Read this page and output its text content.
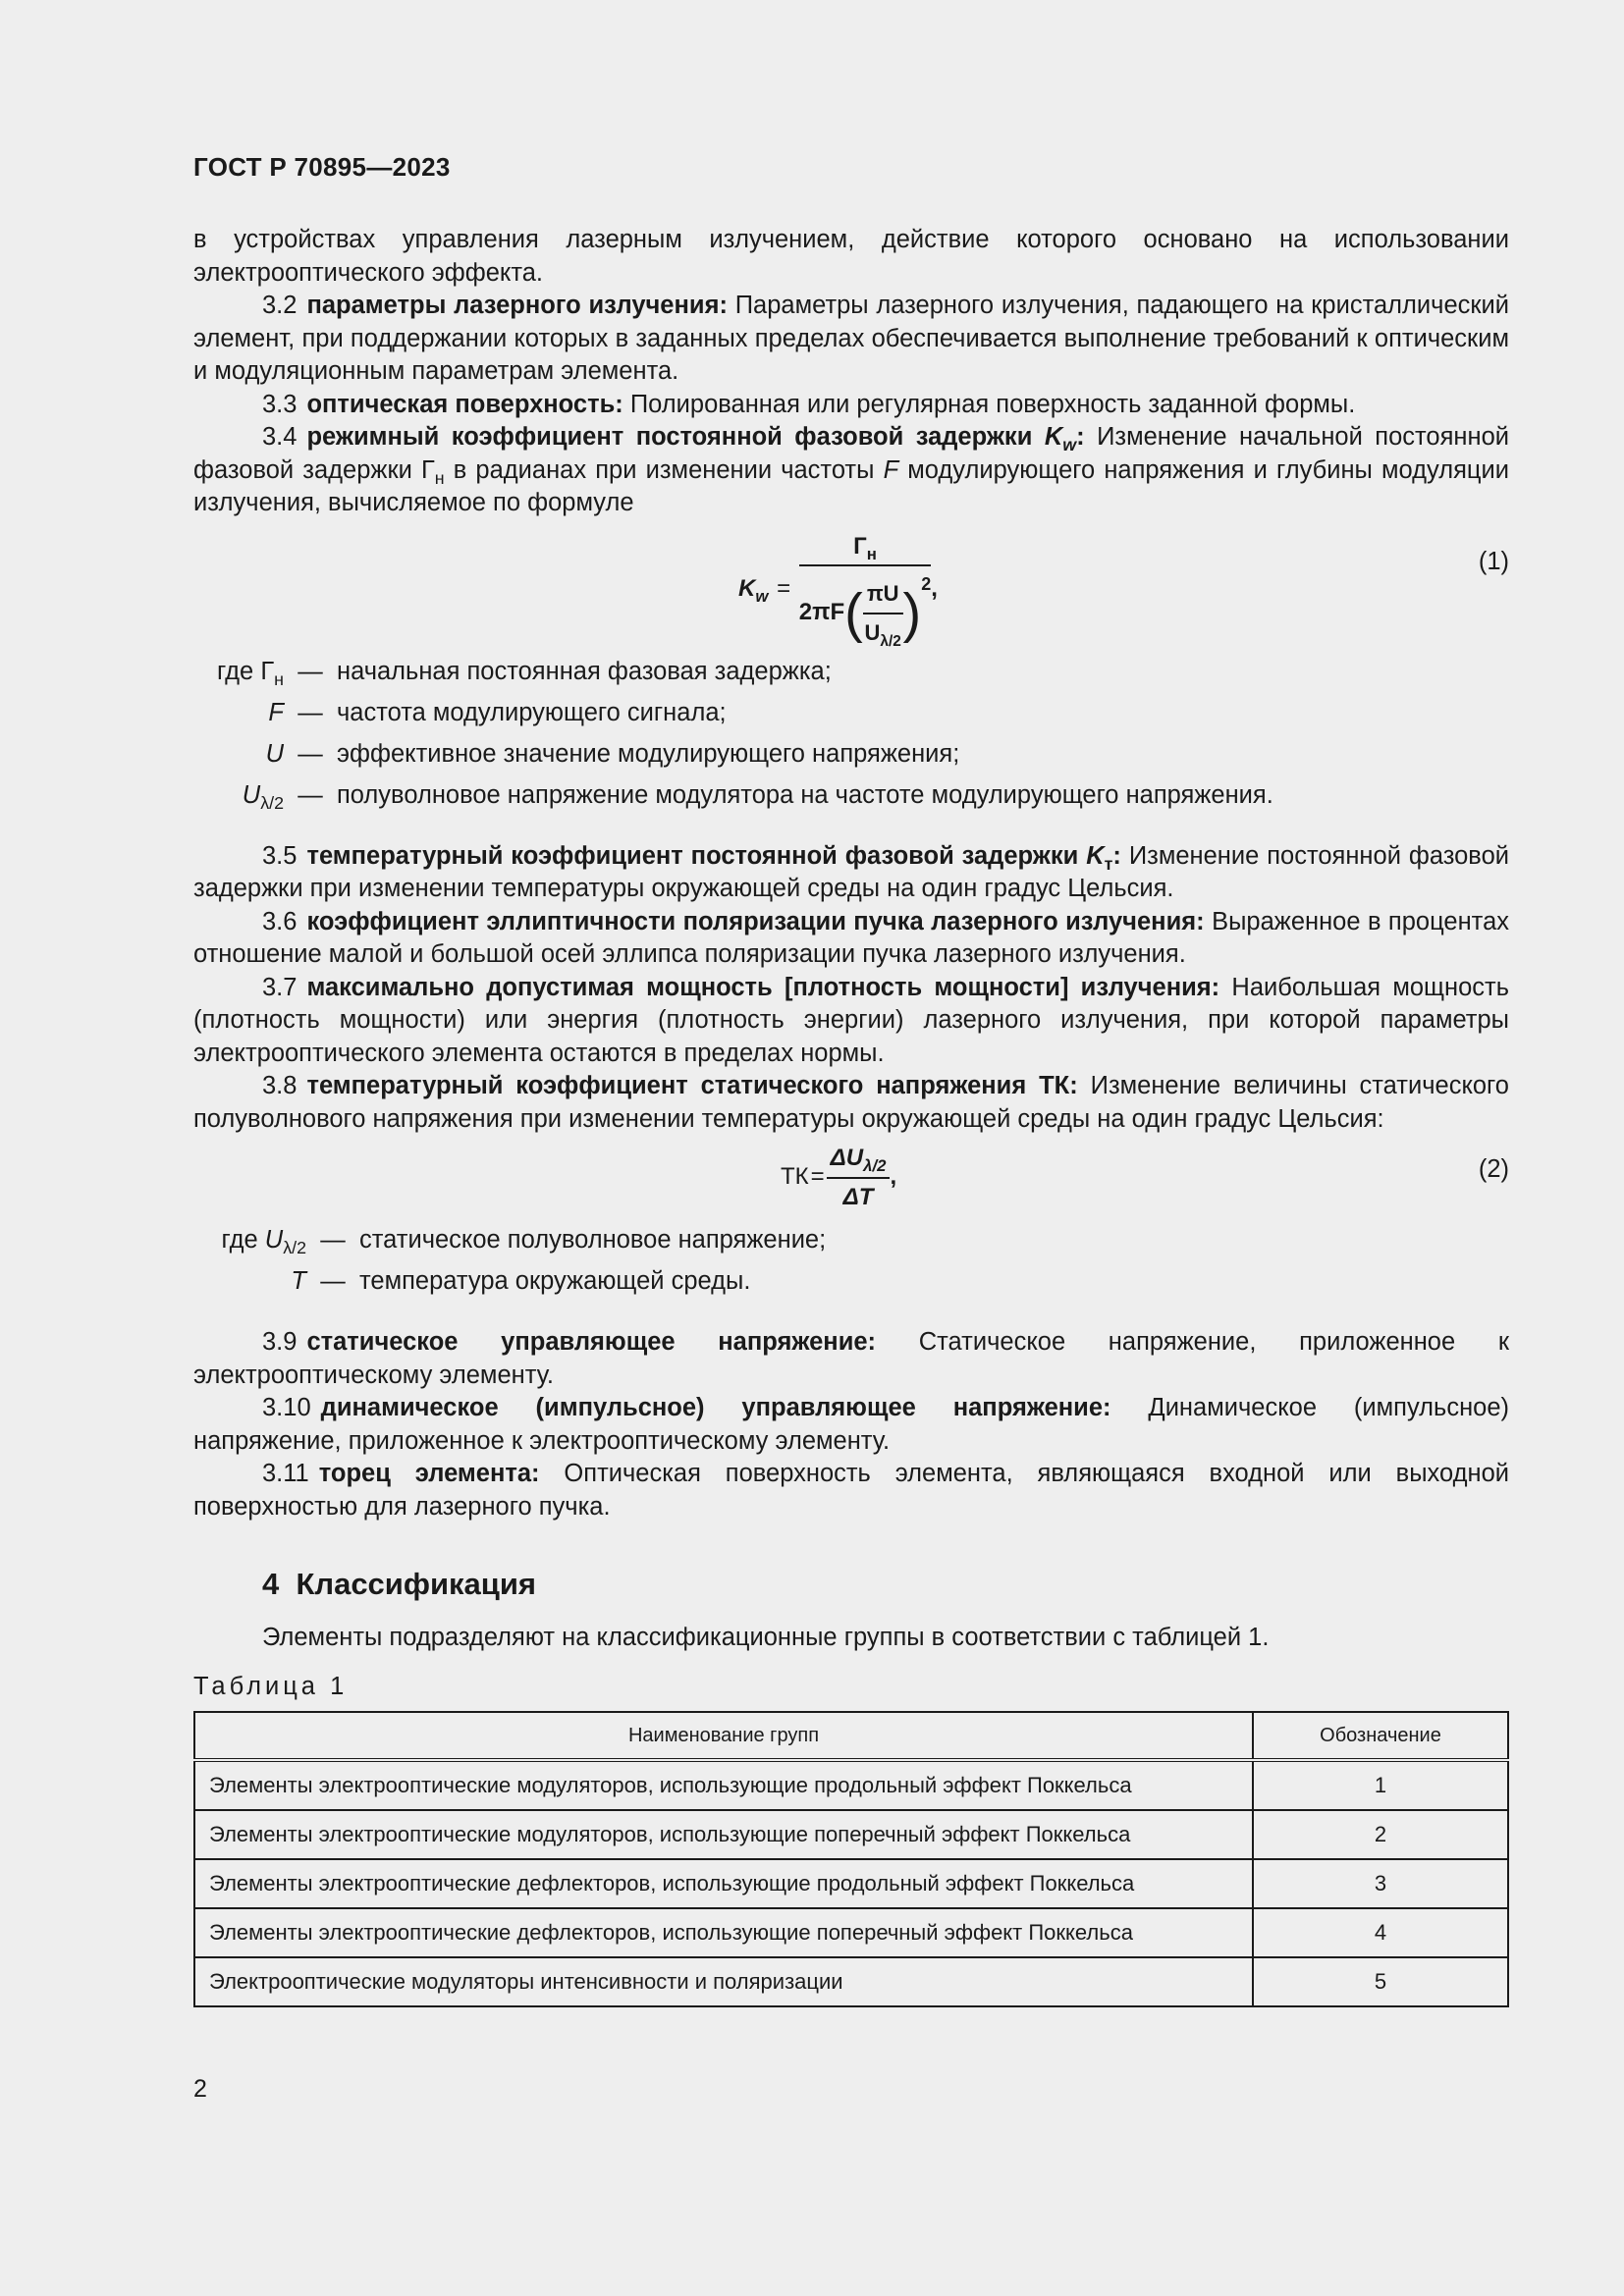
ГОСТ Р 70895—2023

в устройствах управления лазерным излучением, действие которого основано на использовании электрооптического эффекта.

3.2 параметры лазерного излучения: Параметры лазерного излучения, падающего на кристаллический элемент, при поддержании которых в заданных пределах обеспечивается выполнение требований к оптическим и модуляционным параметрам элемента.

3.3 оптическая поверхность: Полированная или регулярная поверхность заданной формы.

3.4 режимный коэффициент постоянной фазовой задержки $K_w$: Изменение начальной постоянной фазовой задержки $Г_н$ в радианах при изменении частоты F модулирующего напряжения и глубины модуляции излучения, вычисляемое по формуле

$K_w = \frac{Г_н}{2\pi F( \frac{\pi U}{U_{\lambda/2}} )^2}$ ,
(1)
где $Г_н$ — начальная постоянная фазовая задержка;
F — частота модулирующего сигнала;
U — эффективное значение модулирующего напряжения;
$U_{\lambda/2}$ — полуволновое напряжение модулятора на частоте модулирующего напряжения.

3.5 температурный коэффициент постоянной фазовой задержки $K_т$: Изменение постоянной фазовой задержки при изменении температуры окружающей среды на один градус Цельсия.

3.6 коэффициент эллиптичности поляризации пучка лазерного излучения: Выраженное в процентах отношение малой и большой осей эллипса поляризации пучка лазерного излучения.

3.7 максимально допустимая мощность [плотность мощности] излучения: Наибольшая мощность (плотность мощности) или энергия (плотность энергии) лазерного излучения, при которой параметры электрооптического элемента остаются в пределах нормы.

3.8 температурный коэффициент статического напряжения ТК: Изменение величины статического полуволнового напряжения при изменении температуры окружающей среды на один градус Цельсия:

$ТК= \frac{\Delta U_{\lambda/2}}{\Delta T}$ ,	(2)
где $U_{\lambda/2}$ — статическое полуволновое напряжение;
T — температура окружающей среды.

3.9 статическое управляющее напряжение: Статическое напряжение, приложенное к электрооптическому элементу.

3.10 динамическое (импульсное) управляющее напряжение: Динамическое (импульсное) напряжение, приложенное к электрооптическому элементу.

3.11 торец элемента: Оптическая поверхность элемента, являющаяся входной или выходной поверхностью для лазерного пучка.

4  Классификация

Элементы подразделяют на классификационные группы в соответствии с таблицей 1.

Таблица 1
Наименование групп	Обозначение
Элементы электрооптические модуляторов, использующие продольный эффект Поккельса	1
Элементы электрооптические модуляторов, использующие поперечный эффект Поккельса	2
Элементы электрооптические дефлекторов, использующие продольный эффект Поккельса	3
Элементы электрооптические дефлекторов, использующие поперечный эффект Поккельса	4
Электрооптические модуляторы интенсивности и поляризации	5
2
